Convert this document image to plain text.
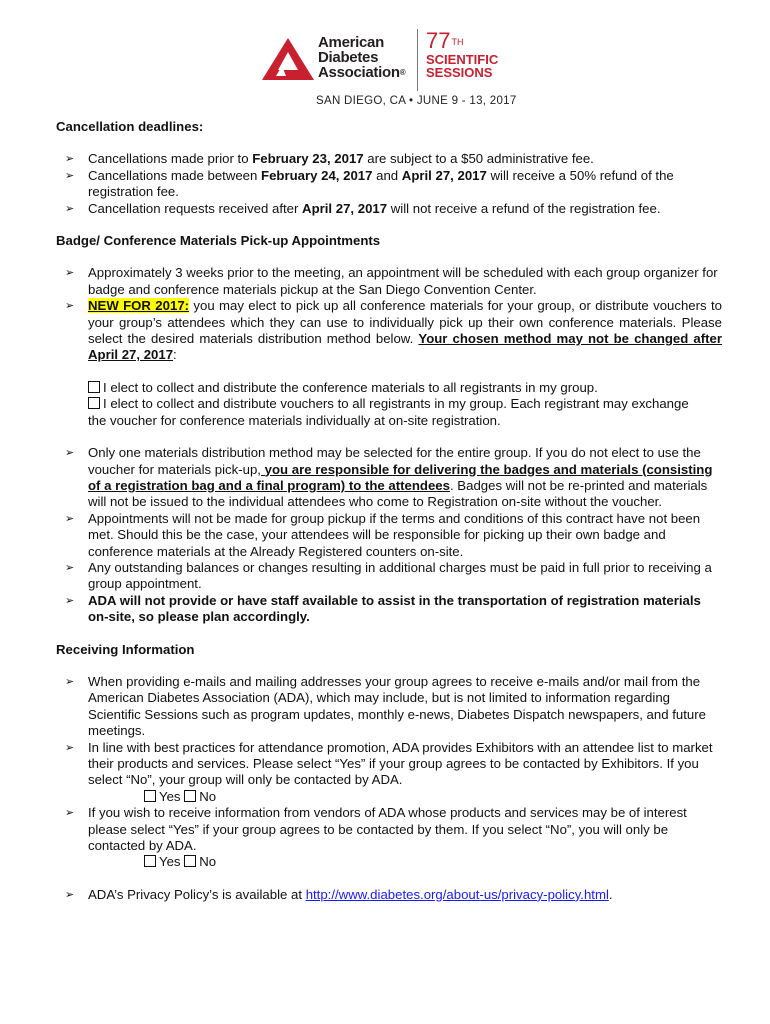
American
Diabetes
Association®
77TH
SCIENTIFIC
SESSIONS
SAN DIEGO, CA • JUNE 9 - 13, 2017
Cancellation deadlines:
➢ Cancellations made prior to February 23, 2017 are subject to a $50 administrative fee.
➢ Cancellations made between February 24, 2017 and April 27, 2017 will receive a 50% refund of the registration fee.
➢ Cancellation requests received after April 27, 2017 will not receive a refund of the registration fee.
Badge/ Conference Materials Pick-up Appointments
➢ Approximately 3 weeks prior to the meeting, an appointment will be scheduled with each group organizer for badge and conference materials pickup at the San Diego Convention Center.
➢ NEW FOR 2017: you may elect to pick up all conference materials for your group, or distribute vouchers to your group’s attendees which they can use to individually pick up their own conference materials. Please select the desired materials distribution method below. Your chosen method may not be changed after April 27, 2017:
I elect to collect and distribute the conference materials to all registrants in my group.
I elect to collect and distribute vouchers to all registrants in my group. Each registrant may exchange
the voucher for conference materials individually at on-site registration.
➢ Only one materials distribution method may be selected for the entire group. If you do not elect to use the voucher for materials pick-up, you are responsible for delivering the badges and materials (consisting of a registration bag and a final program) to the attendees. Badges will not be re-printed and materials will not be issued to the individual attendees who come to Registration on-site without the voucher.
➢ Appointments will not be made for group pickup if the terms and conditions of this contract have not been met. Should this be the case, your attendees will be responsible for picking up their own badge and conference materials at the Already Registered counters on-site.
➢ Any outstanding balances or changes resulting in additional charges must be paid in full prior to receiving a group appointment.
➢ ADA will not provide or have staff available to assist in the transportation of registration materials on-site, so please plan accordingly.
Receiving Information
➢ When providing e-mails and mailing addresses your group agrees to receive e-mails and/or mail from the American Diabetes Association (ADA), which may include, but is not limited to information regarding Scientific Sessions such as program updates, monthly e-news, Diabetes Dispatch newspapers, and future meetings.
➢ In line with best practices for attendance promotion, ADA provides Exhibitors with an attendee list to market their products and services. Please select “Yes” if your group agrees to be contacted by Exhibitors. If you select “No”, your group will only be contacted by ADA.
Yes No
➢ If you wish to receive information from vendors of ADA whose products and services may be of interest please select “Yes” if your group agrees to be contacted by them. If you select “No”, you will only be contacted by ADA.
Yes No
➢ ADA’s Privacy Policy’s is available at http://www.diabetes.org/about-us/privacy-policy.html.
